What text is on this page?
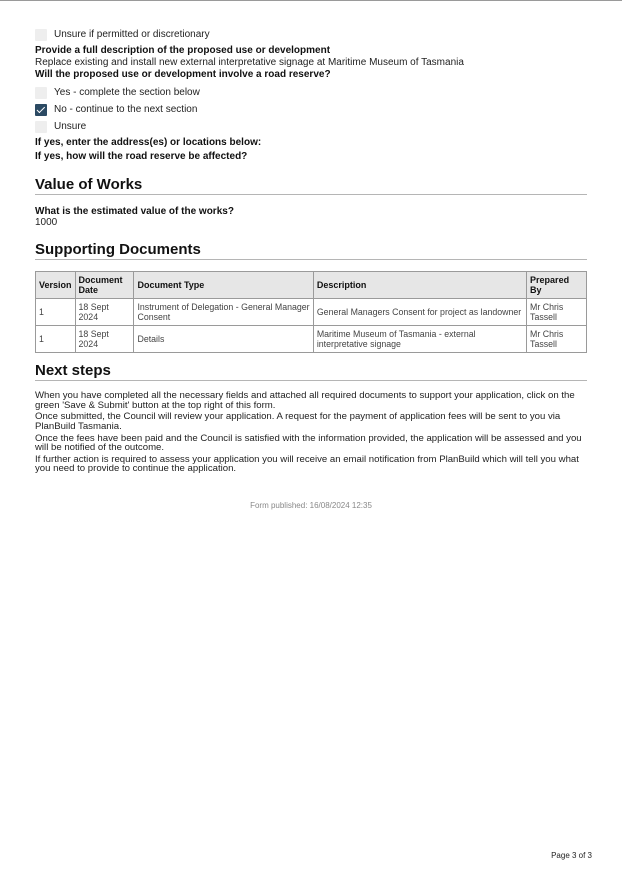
Unsure if permitted or discretionary

Provide a full description of the proposed use or development

Replace existing and install new external interpretative signage at Maritime Museum of Tasmania

Will the proposed use or development involve a road reserve?

Yes - complete the section below
No - continue to the next section
Unsure

If yes, enter the address(es) or locations below:

If yes, how will the road reserve be affected?

Value of Works

What is the estimated value of the works?

1000

Supporting Documents
Version	Document Date	Document Type	Description	Prepared By
1	18 Sept 2024	Instrument of Delegation - General Manager Consent	General Managers Consent for project as landowner	Mr Chris Tassell
1	18 Sept 2024	Details	Maritime Museum of Tasmania - external interpretative signage	Mr Chris Tassell
Next steps

When you have completed all the necessary fields and attached all required documents to support your application, click on the green 'Save & Submit' button at the top right of this form.

Once submitted, the Council will review your application. A request for the payment of application fees will be sent to you via PlanBuild Tasmania.

Once the fees have been paid and the Council is satisfied with the information provided, the application will be assessed and you will be notified of the outcome.

If further action is required to assess your application you will receive an email notification from PlanBuild which will tell you what you need to provide to continue the application.

Form published: 16/08/2024 12:35
Page 3 of 3
